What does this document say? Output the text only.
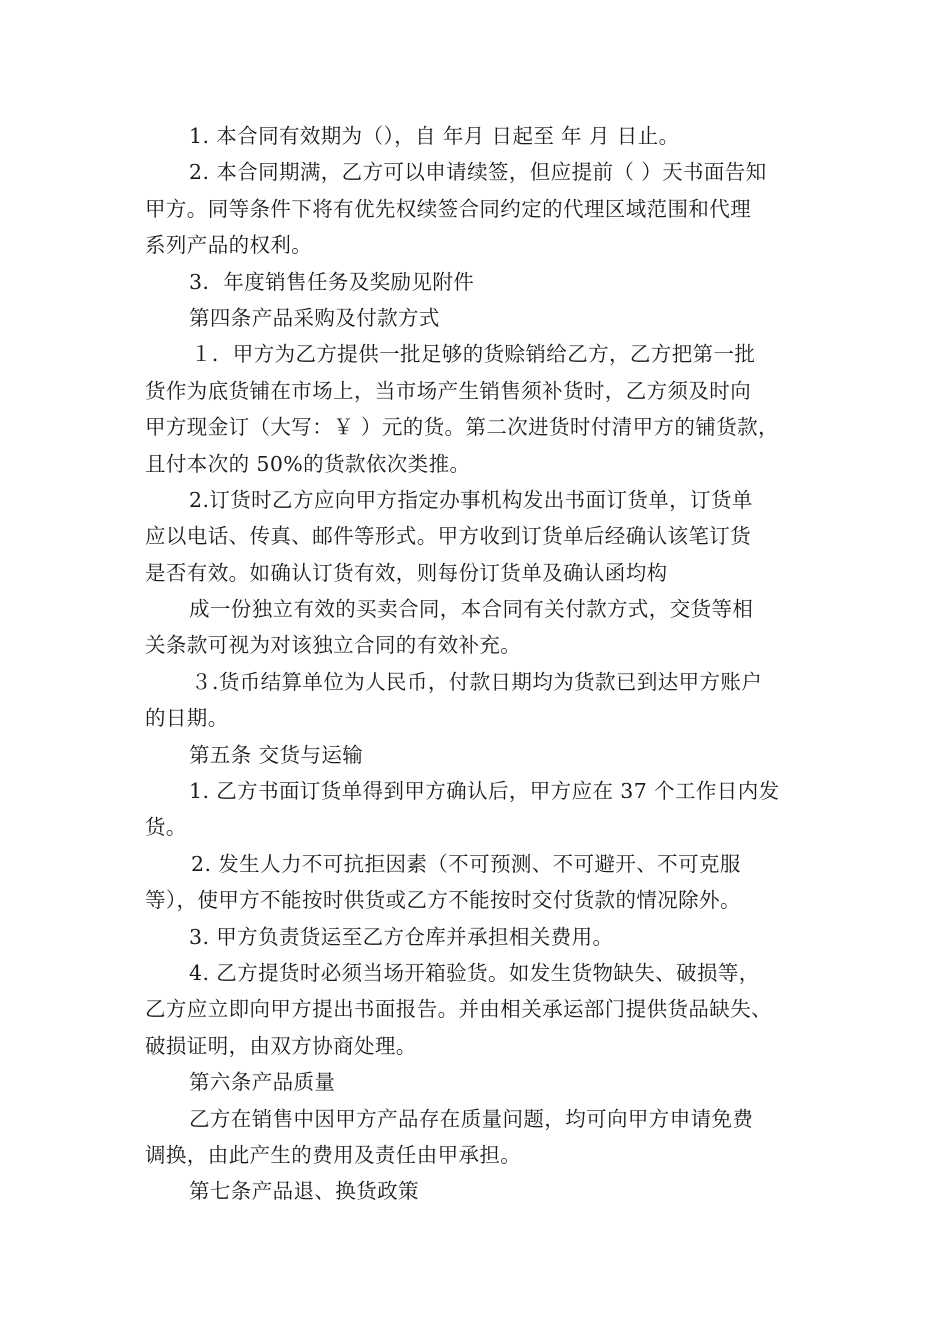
1. 本合同有效期为（），自 年月 日起至 年 月 日止。
2. 本合同期满，乙方可以申请续签，但应提前（ ）天书面告知
甲方。同等条件下将有优先权续签合同约定的代理区域范围和代理
系列产品的权利。
3．年度销售任务及奖励见附件
第四条产品采购及付款方式
１．甲方为乙方提供一批足够的货赊销给乙方，乙方把第一批
货作为底货铺在市场上，当市场产生销售须补货时，乙方须及时向
甲方现金订（大写：￥ ）元的货。第二次进货时付清甲方的铺货款，
且付本次的 50%的货款依次类推。
2.订货时乙方应向甲方指定办事机构发出书面订货单，订货单
应以电话、传真、邮件等形式。甲方收到订货单后经确认该笔订货
是否有效。如确认订货有效，则每份订货单及确认函均构
成一份独立有效的买卖合同，本合同有关付款方式，交货等相
关条款可视为对该独立合同的有效补充。
３.货币结算单位为人民币，付款日期均为货款已到达甲方账户
的日期。
第五条 交货与运输
1. 乙方书面订货单得到甲方确认后，甲方应在 37 个工作日内发
货。
2. 发生人力不可抗拒因素（不可预测、不可避开、不可克服
等），使甲方不能按时供货或乙方不能按时交付货款的情况除外。
3. 甲方负责货运至乙方仓库并承担相关费用。
4. 乙方提货时必须当场开箱验货。如发生货物缺失、破损等，
乙方应立即向甲方提出书面报告。并由相关承运部门提供货品缺失、
破损证明，由双方协商处理。
第六条产品质量
乙方在销售中因甲方产品存在质量问题，均可向甲方申请免费
调换，由此产生的费用及责任由甲承担。
第七条产品退、换货政策
